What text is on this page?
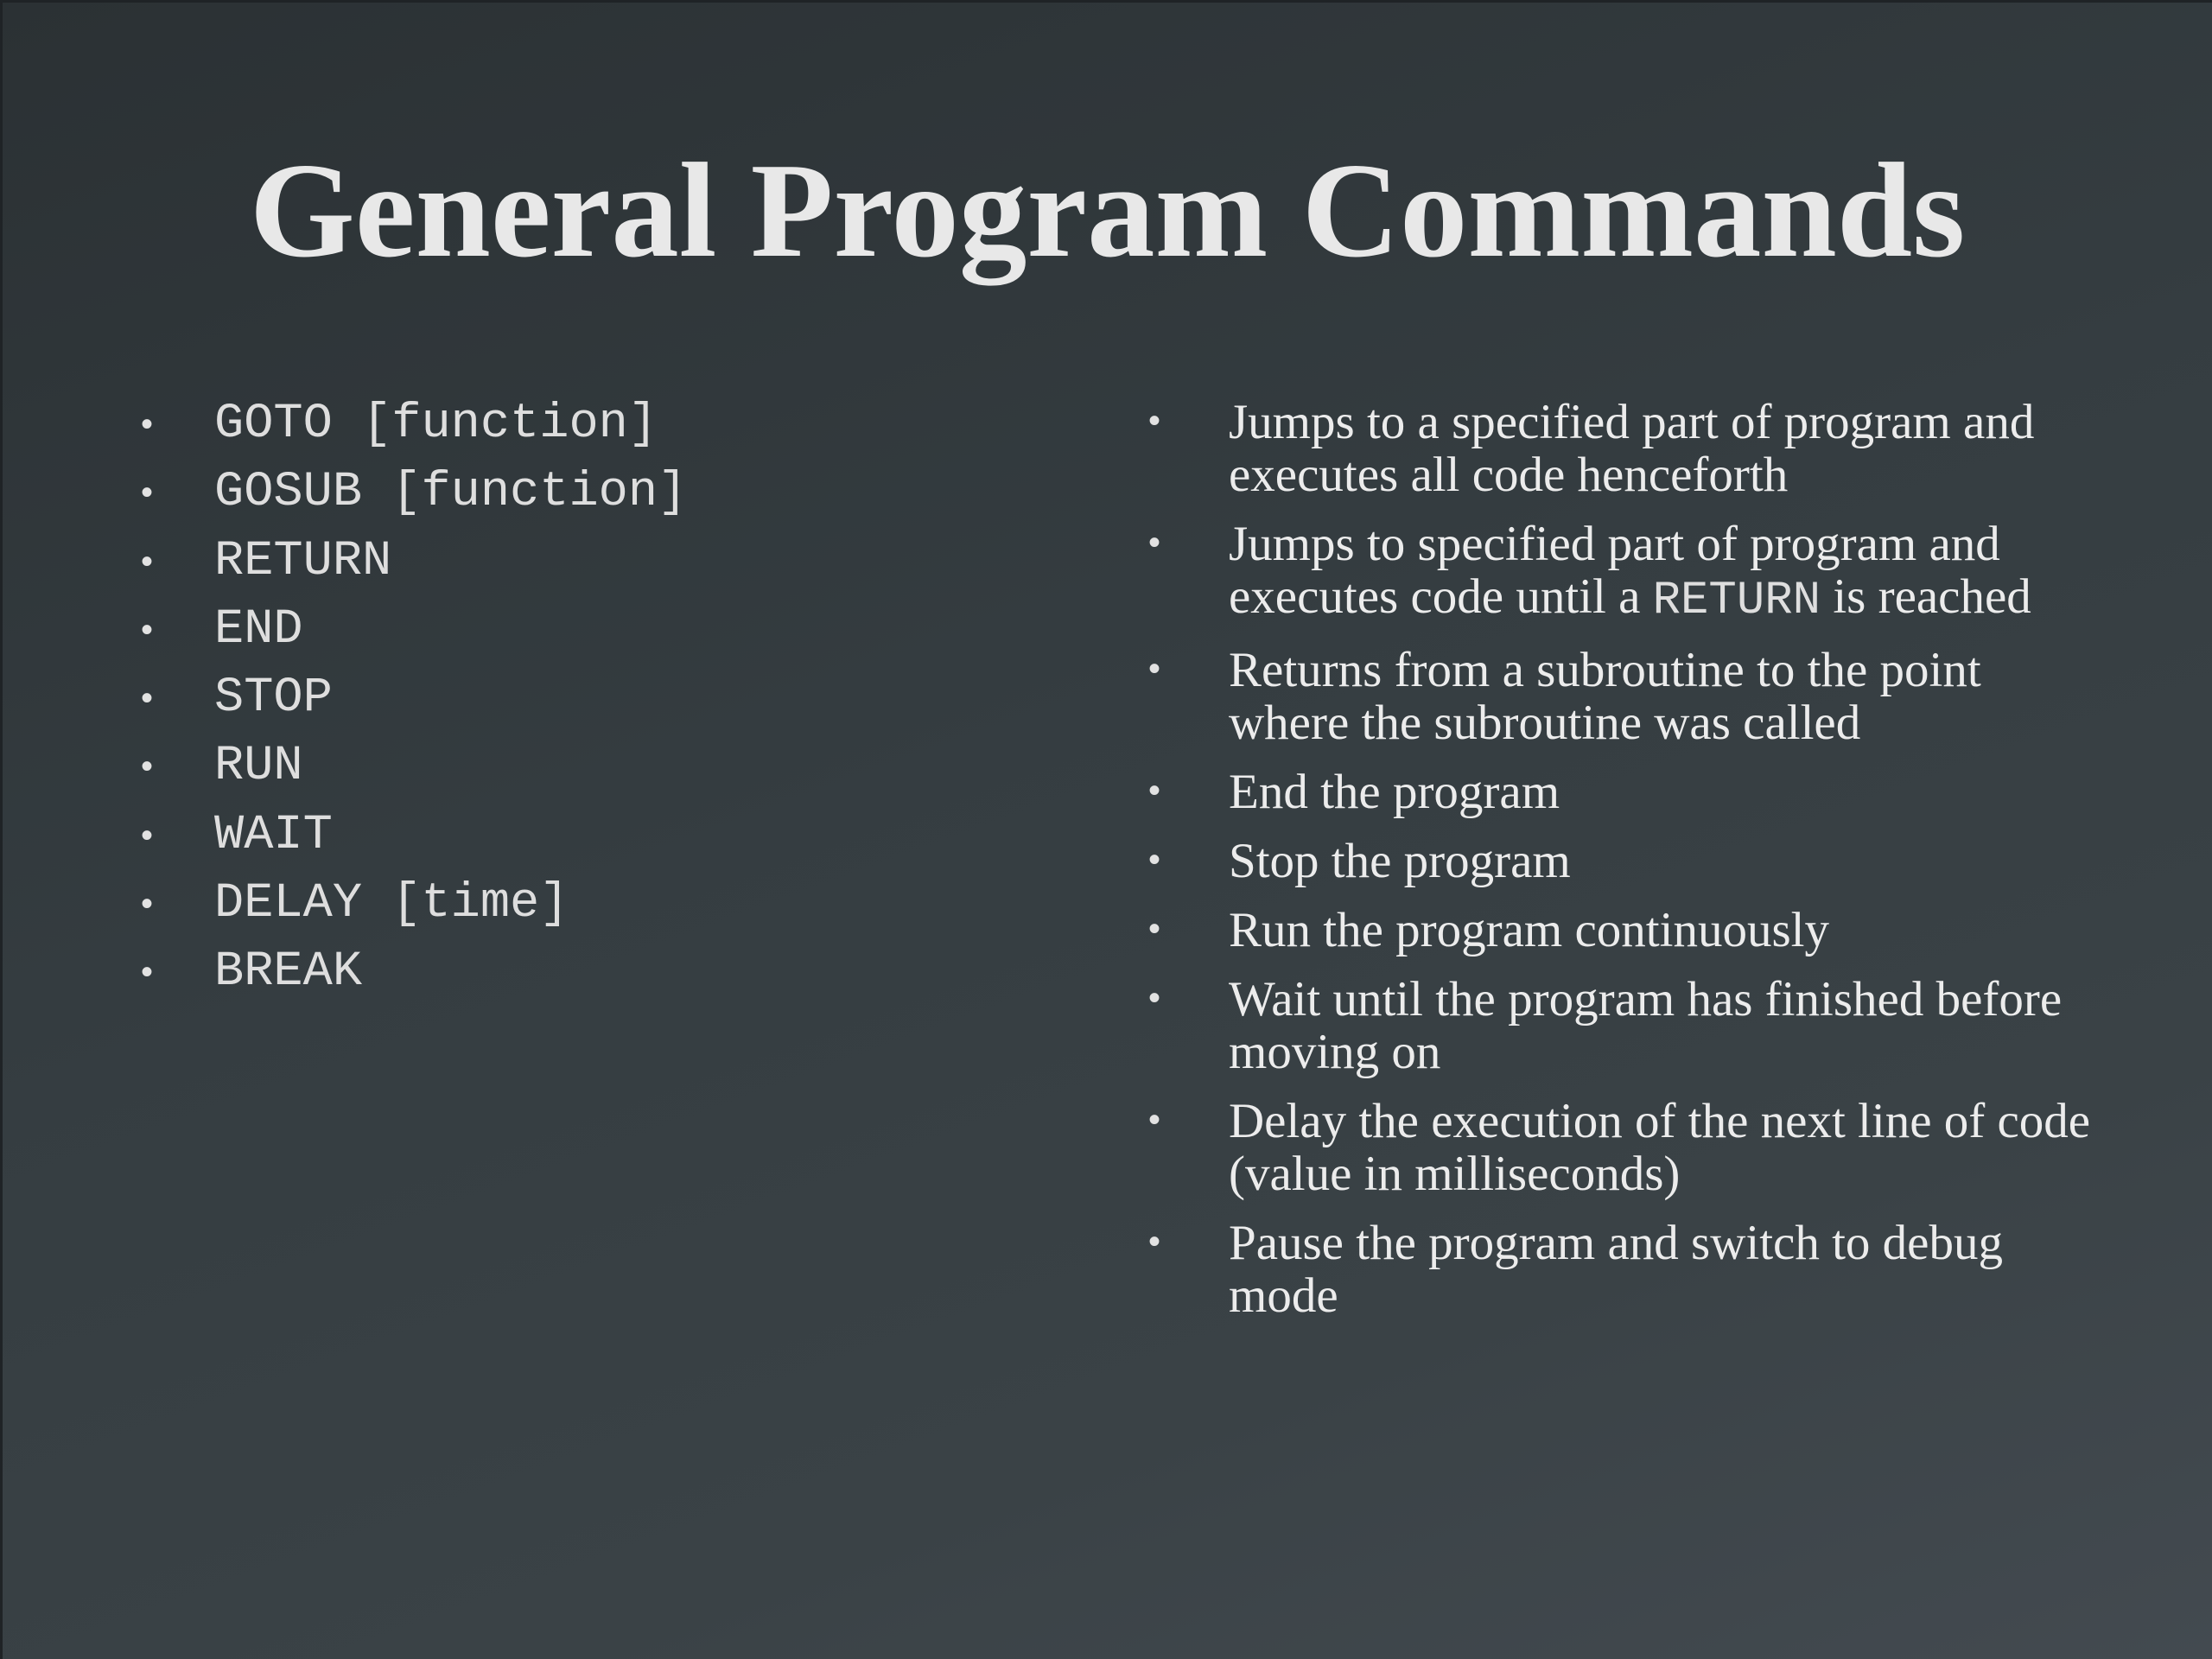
General Program Commands
• GOTO [function]
• GOSUB [function]
• RETURN
• END
• STOP
• RUN
• WAIT
• DELAY [time]
• BREAK
• Jumps to a specified part of program and executes all code henceforth
• Jumps to specified part of program and executes code until a RETURN is reached
• Returns from a subroutine to the point where the subroutine was called
• End the program
• Stop the program
• Run the program continuously
• Wait until the program has finished before moving on
• Delay the execution of the next line of code (value in milliseconds)
• Pause the program and switch to debug mode
